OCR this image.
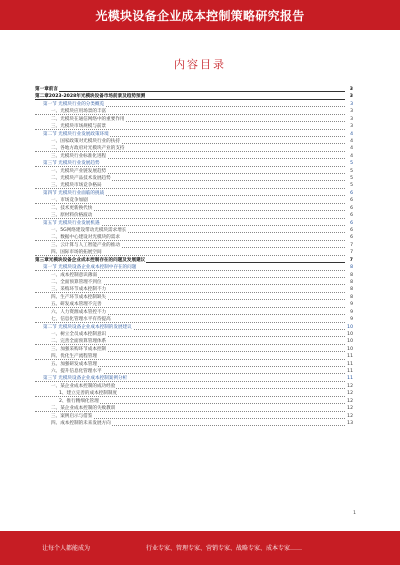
光模块设备企业成本控制策略研究报告
内容目录
第一章前言	3
第二章2023-2028年光模块设备市场前景及趋势预测	3
第一节 光模块行业的分类概览	3
一、光模块应用场景的丰富	3
二、光模块在通信网络中的重要作用	3
三、光模块市场规模与前景	3
第二节 光模块行业发展政策环境	4
一、国家政策对光模块行业的扶持	4
二、各地方政府对光模块产业的支持	4
三、光模块行业标准化进程	4
第三节 光模块行业发展趋势	5
一、光模块产业链发展趋势	5
二、光模块产品技术发展趋势	5
三、光模块市场竞争格局	5
第四节 光模块行业面临的挑战	6
一、市场竞争加剧	6
二、技术更新换代快	6
三、原材料价格波动	6
第五节 光模块行业发展机遇	6
一、5G网络建设带动光模块需求增长	6
二、数据中心建设对光模块的需求	6
三、云计算与人工智能产业的推动	7
四、国际市场的拓展空间	7
第三章光模块设备企业成本控制存在的问题及发展建议	7
第一节 光模块设备企业成本控制中存在的问题	8
一、成本控制意识薄弱	8
二、全面预算管理不到位	8
三、采购环节成本控制不力	8
四、生产环节成本控制缺失	8
五、研发成本管理不完善	9
六、人力资源成本管控不力	9
七、信息化管理水平有待提高	9
第二节 光模块设备企业成本控制的发展建议	10
一、树立全员成本控制意识	10
二、完善全面预算管理体系	10
三、加强采购环节成本控制	10
四、优化生产流程管理	11
五、加强研发成本管理	11
六、提升信息化管理水平	11
第三节 光模块设备企业成本控制案例分析	11
一、某企业成本控制的成功经验	12
1、建立完善的成本控制制度	12
2、推行精细化管理	12
二、某企业成本控制的失败教训	12
三、案例启示与借鉴	12
四、成本控制的未来发展方向	13
1
让每个人都能成为	行业专家、管理专家、营销专家、战略专家、成本专家……
